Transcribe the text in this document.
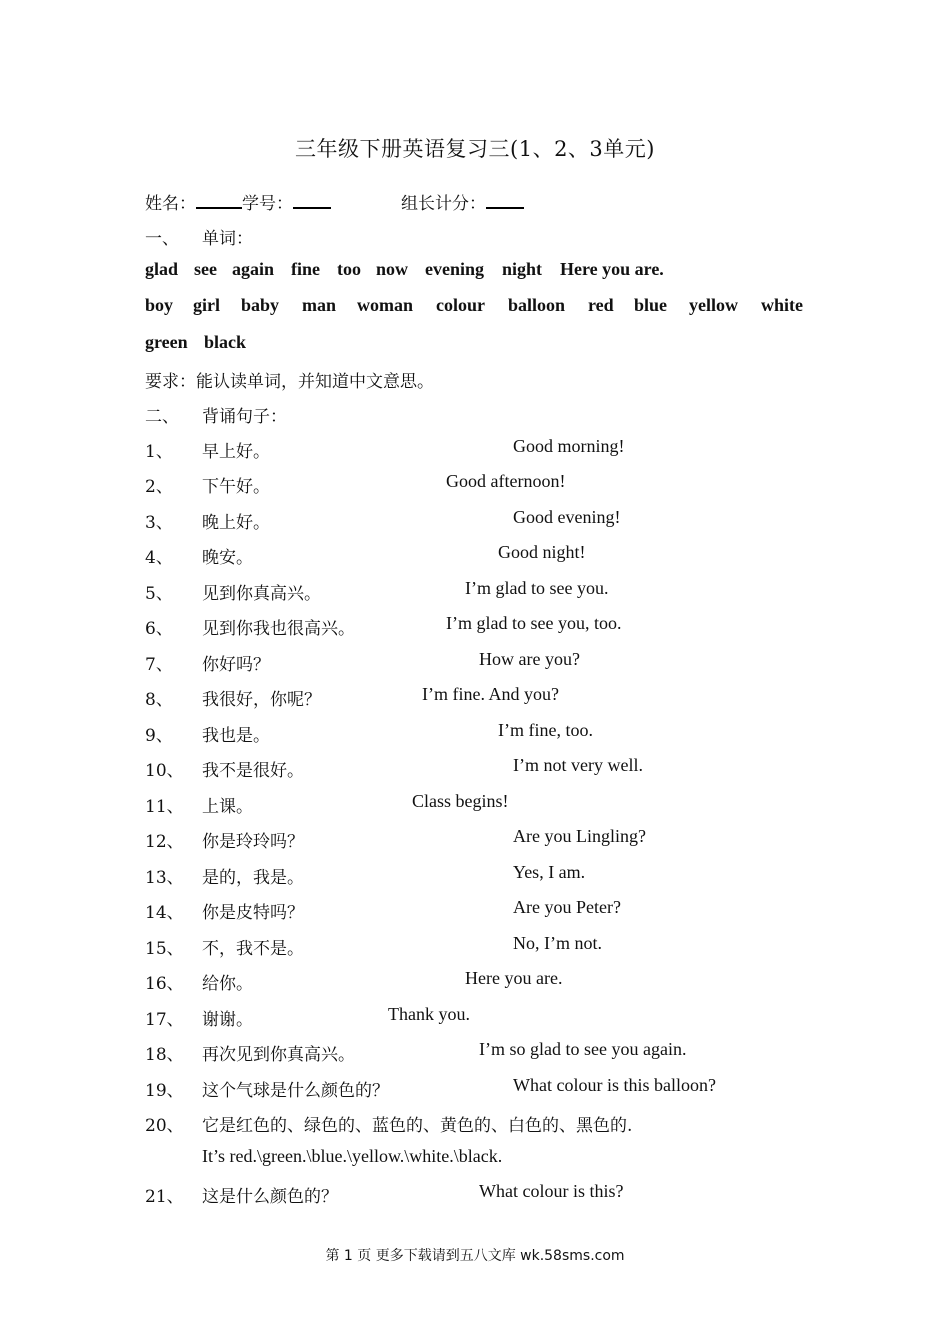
三年级下册英语复习三(1、2、3单元)
姓名：	学号：	组长计分：
一、 单词：
glad see again fine too now evening night Here you are.
boy girl baby man woman colour balloon red blue yellow white
green black
要求：能认读单词，并知道中文意思。
二、 背诵句子：
1、 早上好。	Good morning!
2、 下午好。	Good afternoon!
3、 晚上好。	Good evening!
4、 晚安。	Good night!
5、 见到你真高兴。	I’m glad to see you.
6、 见到你我也很高兴。	I’m glad to see you, too.
7、 你好吗？	How are you?
8、 我很好，你呢？	I’m fine. And you?
9、 我也是。	I’m fine, too.
10、 我不是很好。	I’m not very well.
11、 上课。	Class begins!
12、 你是玲玲吗？	Are you Lingling?
13、 是的，我是。	Yes, I am.
14、 你是皮特吗？	Are you Peter?
15、 不，我不是。	No, I’m not.
16、 给你。	Here you are.
17、 谢谢。	Thank you.
18、 再次见到你真高兴。	I’m so glad to see you again.
19、 这个气球是什么颜色的？	What colour is this balloon?
20、 它是红色的、绿色的、蓝色的、黄色的、白色的、黑色的.
It’s red.\green.\blue.\yellow.\white.\black.
21、 这是什么颜色的？	What colour is this?
第 1 页 更多下载请到五八文库 wk.58sms.com
